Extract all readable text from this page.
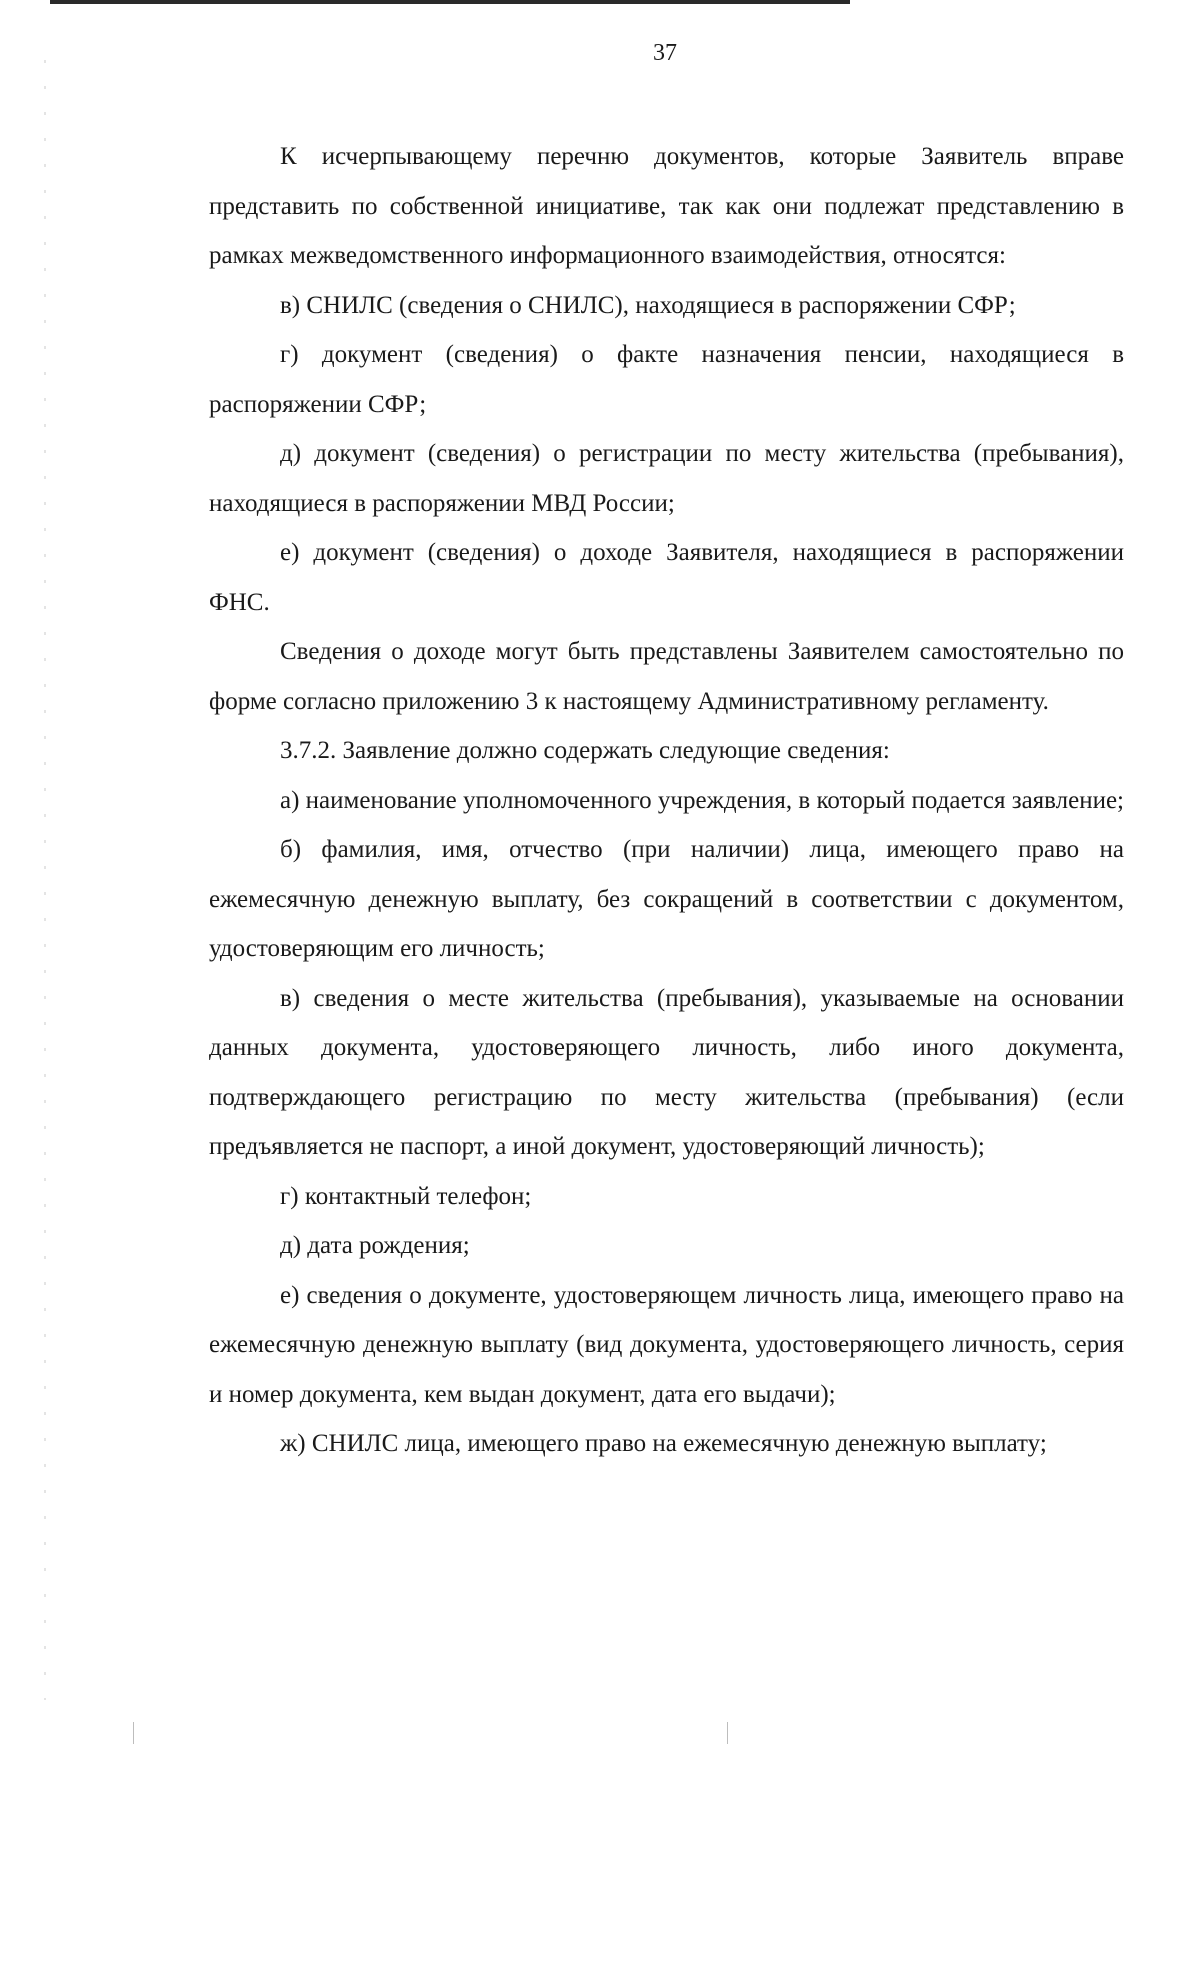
37

К исчерпывающему перечню документов, которые Заявитель вправе представить по собственной инициативе, так как они подлежат представлению в рамках межведомственного информационного взаимодействия, относятся:

в) СНИЛС (сведения о СНИЛС), находящиеся в распоряжении СФР;

г) документ (сведения) о факте назначения пенсии, находящиеся в распоряжении СФР;

д) документ (сведения) о регистрации по месту жительства (пребывания), находящиеся в распоряжении МВД России;

е) документ (сведения) о доходе Заявителя, находящиеся в распоряжении ФНС.

Сведения о доходе могут быть представлены Заявителем самостоятельно по форме согласно приложению 3 к настоящему Административному регламенту.

3.7.2. Заявление должно содержать следующие сведения:

а) наименование уполномоченного учреждения, в который подается заявление;

б) фамилия, имя, отчество (при наличии) лица, имеющего право на ежемесячную денежную выплату, без сокращений в соответствии с документом, удостоверяющим его личность;

в) сведения о месте жительства (пребывания), указываемые на основании данных документа, удостоверяющего личность, либо иного документа, подтверждающего регистрацию по месту жительства (пребывания) (если предъявляется не паспорт, а иной документ, удостоверяющий личность);

г) контактный телефон;

д) дата рождения;

е) сведения о документе, удостоверяющем личность лица, имеющего право на ежемесячную денежную выплату (вид документа, удостоверяющего личность, серия и номер документа, кем выдан документ, дата его выдачи);

ж) СНИЛС лица, имеющего право на ежемесячную денежную выплату;
